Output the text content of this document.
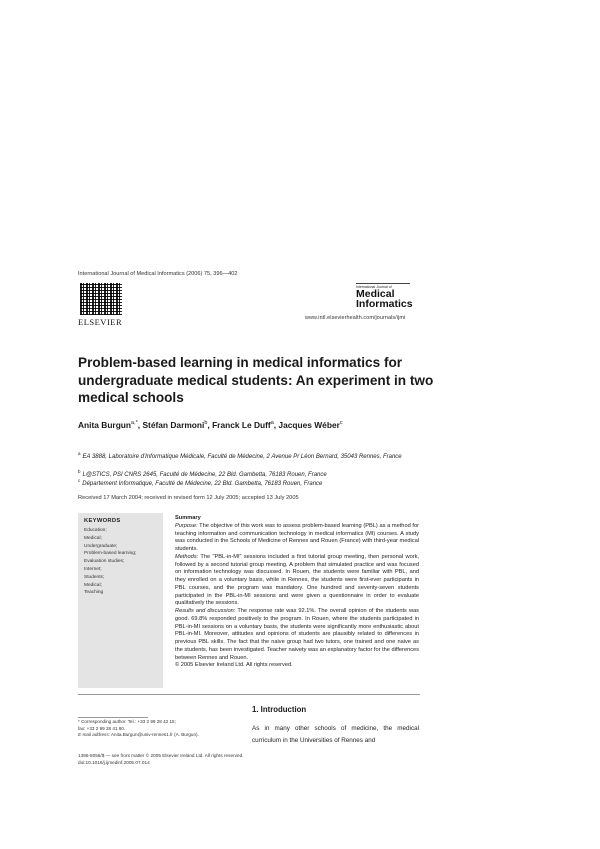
International Journal of Medical Informatics (2006) 75, 396—402
ELSEVIER
International Journal of
Medical
Informatics
www.intl.elsevierhealth.com/journals/ijmi
Problem-based learning in medical informatics for undergraduate medical students: An experiment in two medical schools
Anita Burgun$^{a,*}$, Stéfan Darmoni$^b$, Franck Le Duff$^a$, Jacques Wéber$^c$
$^a$EA 3888, Laboratoire d'Informatique Médicale, Faculté de Médecine, 2 Avenue Pr Léon Bernard, 35043 Rennes, France
$^b$L@STICS, PSI CNRS 2645, Faculté de Médecine, 22 Bld. Gambetta, 76183 Rouen, France
$^c$Département Informatique, Faculté de Médecine, 22 Bld. Gambetta, 76183 Rouen, France
Received 17 March 2004; received in revised form 12 July 2005; accepted 13 July 2005
KEYWORDS
Education;
Medical;
Undergraduate;
Problem-based learning;
Evaluation studies;
Internet;
Students;
Medical;
Teaching
Summary
Purpose: The objective of this work was to assess problem-based learning (PBL) as a method for teaching information and communication technology in medical informatics (MI) courses. A study was conducted in the Schools of Medicine of Rennes and Rouen (France) with third-year medical students.
Methods: The "PBL-in-MI" sessions included a first tutorial group meeting, then personal work, followed by a second tutorial group meeting. A problem that simulated practice and was focused on information technology was discussed. In Rouen, the students were familiar with PBL, and they enrolled on a voluntary basis, while in Rennes, the students were first-ever participants in PBL courses, and the program was mandatory. One hundred and seventy-seven students participated in the PBL-in-MI sessions and were given a questionnaire in order to evaluate qualitatively the sessions.
Results and discussion: The response rate was 92.1%. The overall opinion of the students was good. 69.8% responded positively to the program. In Rouen, where the students participated in PBL-in-MI sessions on a voluntary basis, the students were significantly more enthusiastic about PBL-in-MI. Moreover, attitudes and opinions of students are plausibly related to differences in previous PBL skills. The fact that the naive group had two tutors, one trained and one naive as the students, has been investigated. Teacher naivety was an explanatory factor for the differences between Rennes and Rouen.
© 2005 Elsevier Ireland Ltd. All rights reserved.
* Corresponding author. Tel.: +33 2 99 28 42 15;
fax: +33 2 99 28 41 60.
E-mail address: Anita.Burgun@univ-rennes1.fr (A. Burgun).
1. Introduction
As in many other schools of medicine, the medical curriculum in the Universities of Rennes and
1386-5056/$ — see front matter © 2005 Elsevier Ireland Ltd. All rights reserved.
doi:10.1016/j.ijmedinf.2005.07.014
